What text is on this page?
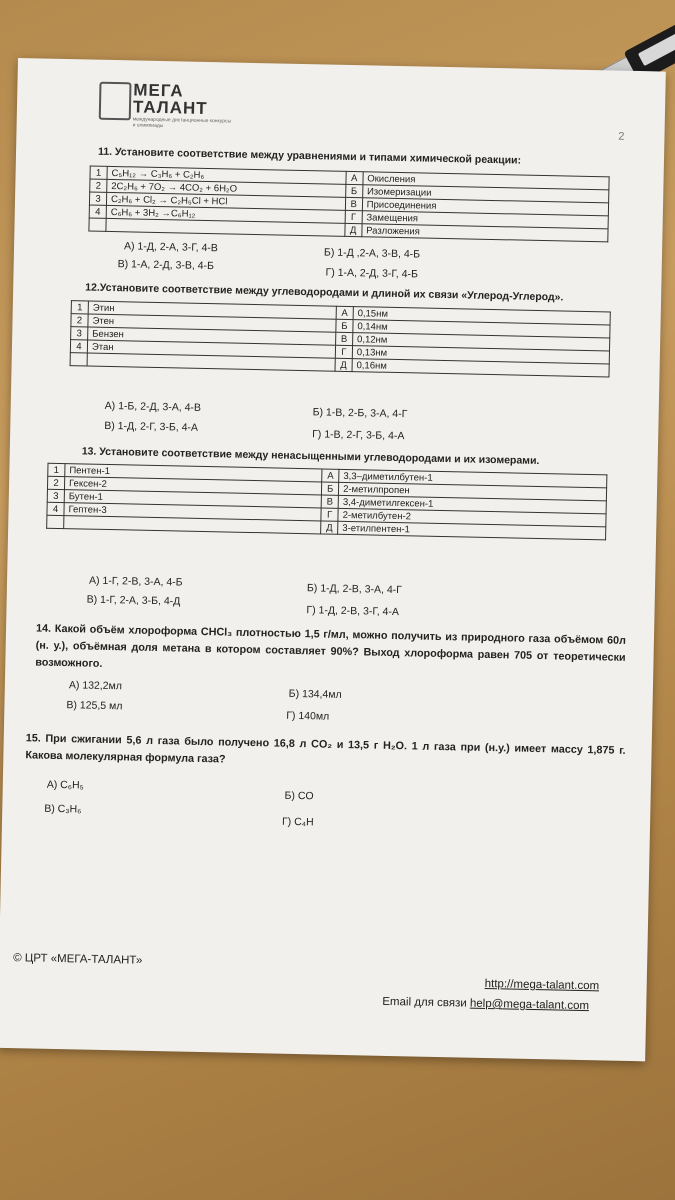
МЕГА
ТАЛАНТ
международные дистанционные конкурсы и олимпиады
2
11. Установите соответствие между уравнениями и типами химической реакции:
1	C₅H₁₂ → C₃H₆ + C₂H₆	А	Окисления
2	2C₂H₆ + 7O₂ → 4CO₂ + 6H₂O	Б	Изомеризации
3	C₂H₆ + Cl₂ → C₂H₅Cl + HCl	В	Присоединения
4	C₆H₆ + 3H₂ →C₆H₁₂	Г	Замещения
		Д	Разложения
А) 1-Д, 2-А, 3-Г, 4-В	Б) 1-Д ,2-А, 3-В, 4-Б
В) 1-А, 2-Д, 3-В, 4-Б
Г) 1-А, 2-Д, 3-Г, 4-Б
12.Установите соответствие между углеводородами и длиной их связи «Углерод-Углерод».
1	Этин	А	0,15нм
2	Этен	Б	0,14нм
3	Бензен	В	0,12нм
4	Этан	Г	0,13нм
		Д	0,16нм
А) 1-Б, 2-Д, 3-А, 4-В	Б) 1-В, 2-Б, 3-А, 4-Г
В) 1-Д, 2-Г, 3-Б, 4-А
Г) 1-В, 2-Г, 3-Б, 4-А
13. Установите соответствие между ненасыщенными углеводородами и их изомерами.
1	Пентен-1	А	3,3–диметилбутен-1
2	Гексен-2	Б	2-метилпропен
3	Бутен-1	В	3,4-диметилгексен-1
4	Гептен-3	Г	2-метилбутен-2
		Д	3-етилпентен-1
А) 1-Г, 2-В, 3-А, 4-Б
Б) 1-Д, 2-В, 3-А, 4-Г
В) 1-Г, 2-А, 3-Б, 4-Д
Г) 1-Д, 2-В, 3-Г, 4-А
14. Какой объём хлороформа CHCl₃ плотностью 1,5 г/мл, можно получить из природного газа объёмом 60л (н. у.), объёмная доля метана в котором составляет 90%? Выход хлороформа равен 705 от теоретически возможного.
А) 132,2мл
Б) 134,4мл
В) 125,5 мл
Г) 140мл
15. При сжигании 5,6 л газа было получено 16,8 л CO₂ и 13,5 г H₂O. 1 л газа при (н.у.) имеет массу 1,875 г. Какова молекулярная формула газа?
А) C₆H₅
Б) CO
В) C₃H₆
Г) C₄H
© ЦРТ «МЕГА-ТАЛАНТ»
http://mega-talant.com
Email для связи help@mega-talant.com
